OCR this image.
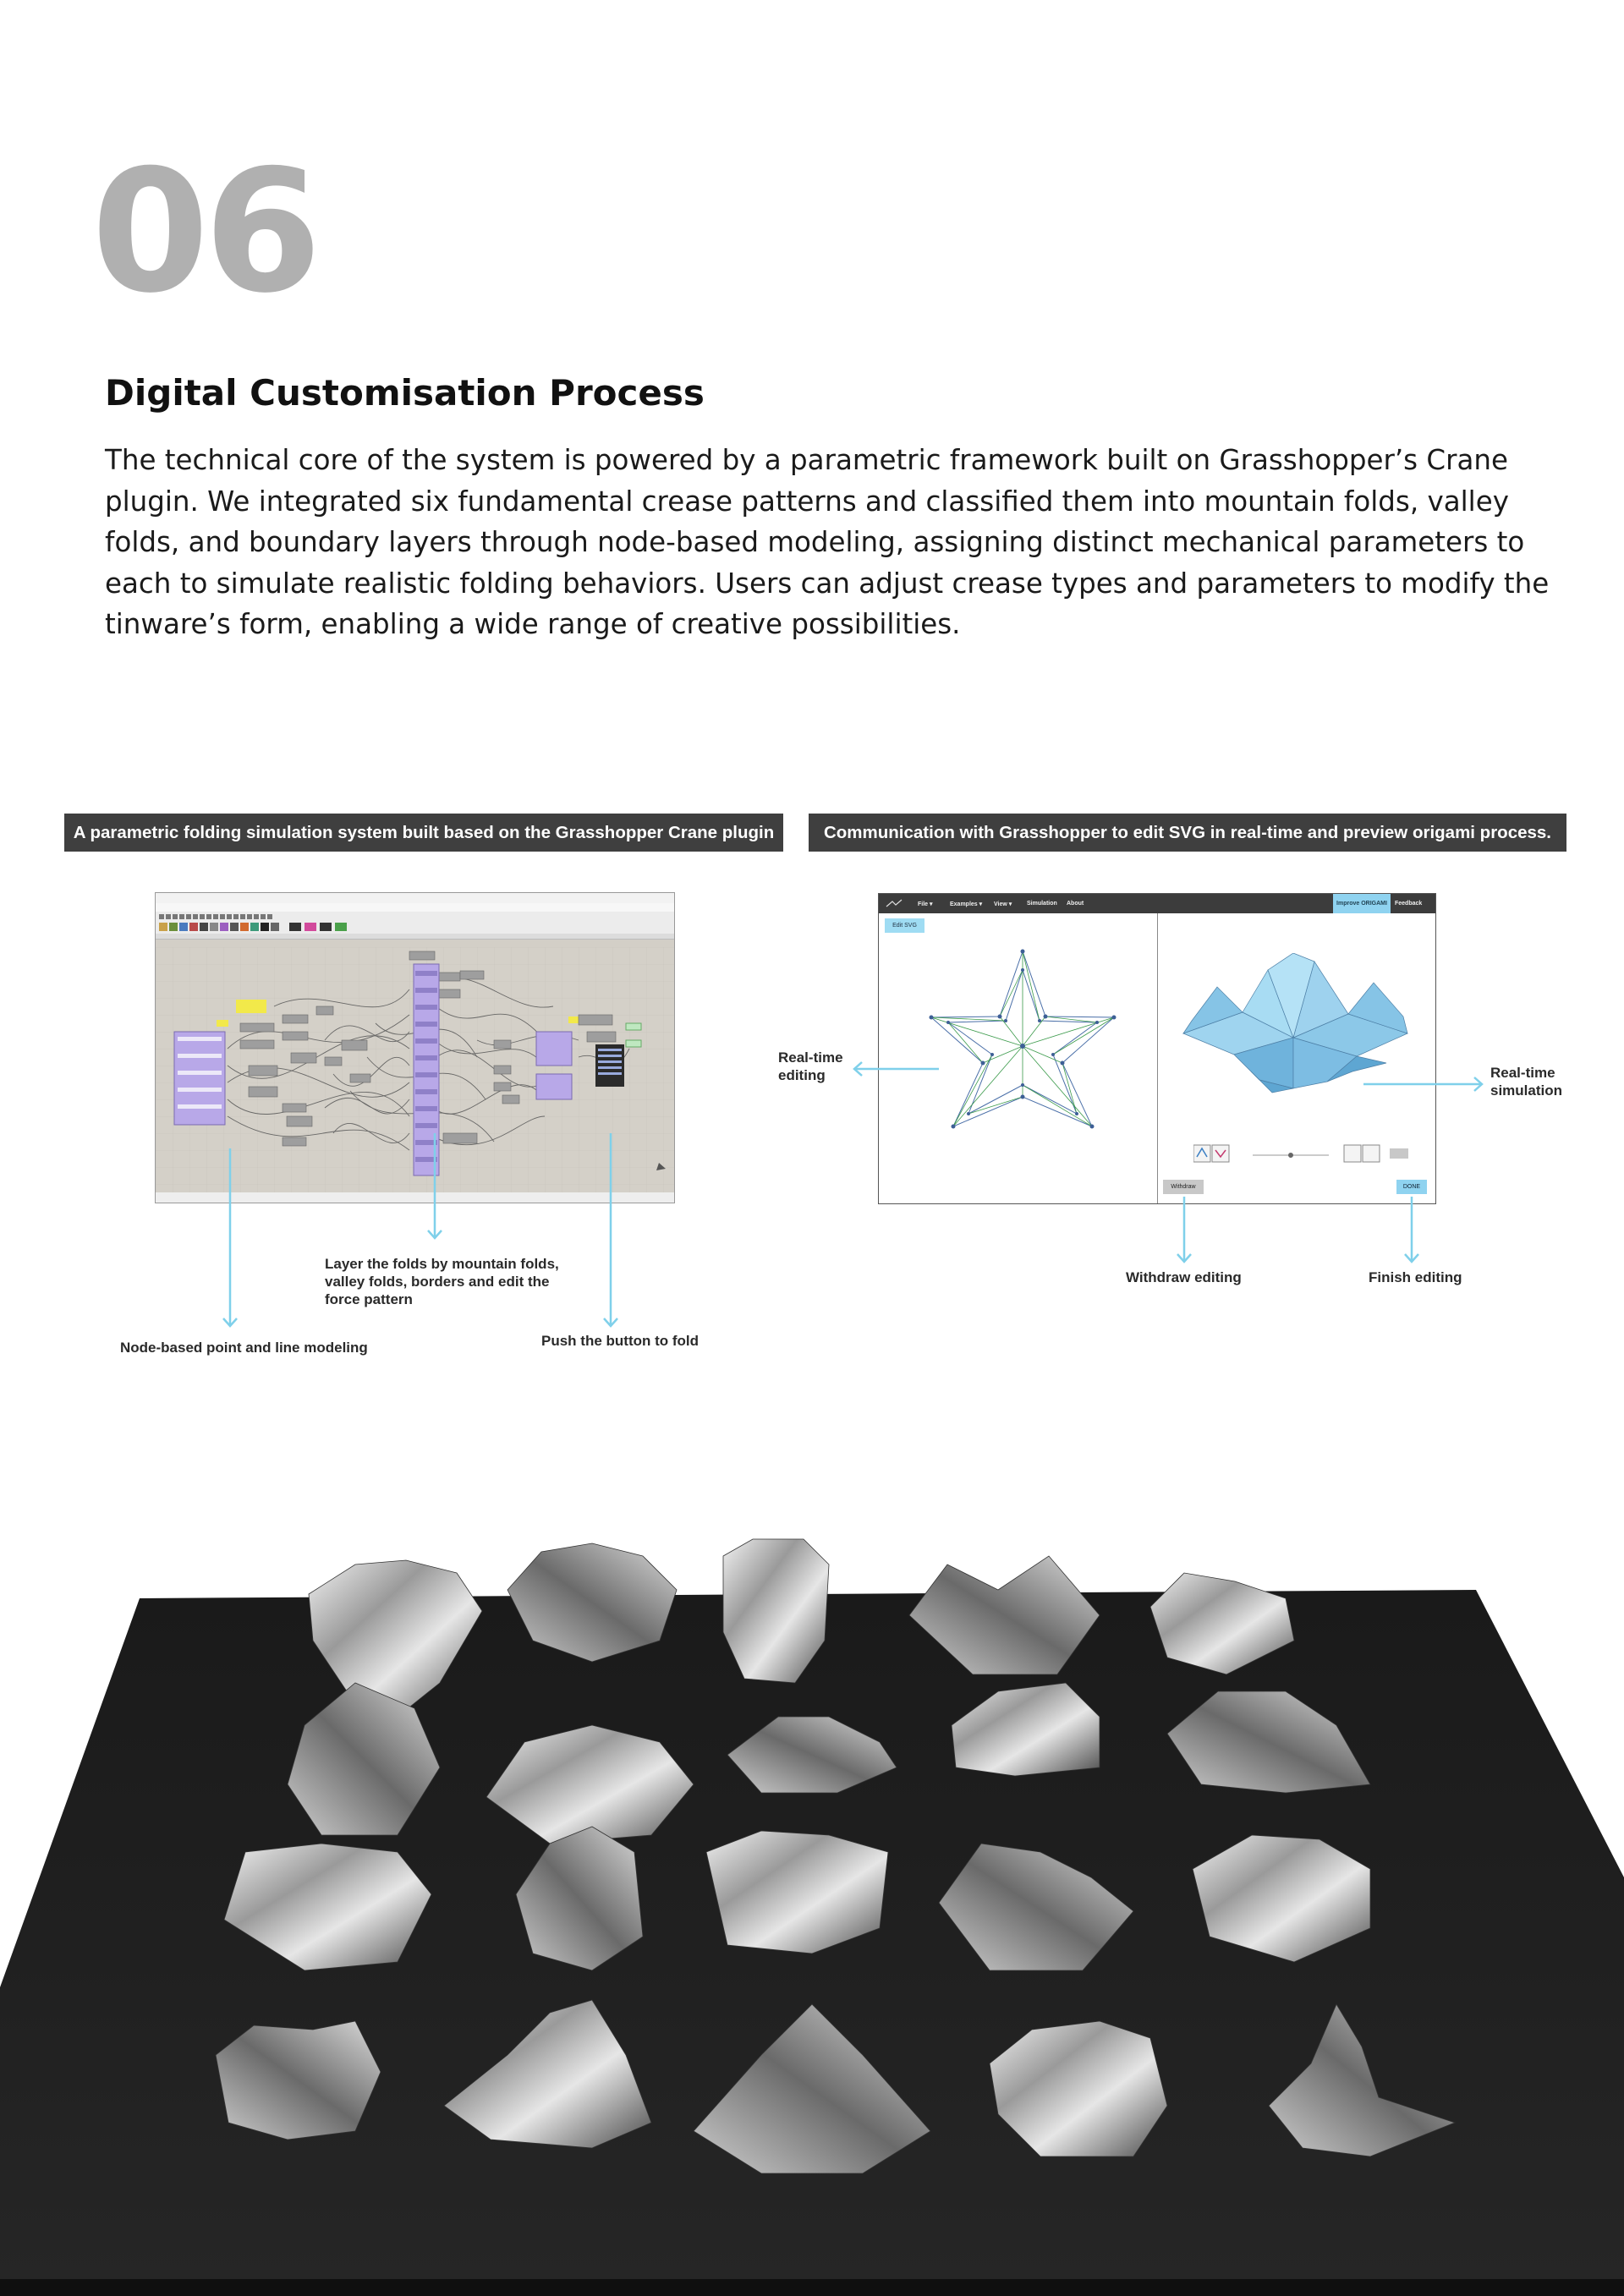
06
Digital Customisation Process
The technical core of the system is powered by a parametric framework built on Grasshopper’s Crane plugin. We integrated six fundamental crease patterns and classified them into mountain folds, valley folds, and boundary layers through node-based modeling, assigning distinct mechanical parameters to each to simulate realistic folding behaviors. Users can adjust crease types and parameters to modify the tinware’s form, enabling a wide range of creative possibilities.
A parametric folding simulation system built based on the Grasshopper Crane plugin	Communication with Grasshopper to edit SVG in real-time and preview origami process.
Node-based point and line modeling
Layer the folds by mountain folds,
valley folds, borders and edit the
force pattern
Push the button to fold
File ▾	Examples ▾ View ▾	Simulation About	Improve ORIGAMI	Feedback
Edit SVG
Withdraw	DONE
Real-time
editing	Real-time
simulation
Withdraw editing	Finish editing
